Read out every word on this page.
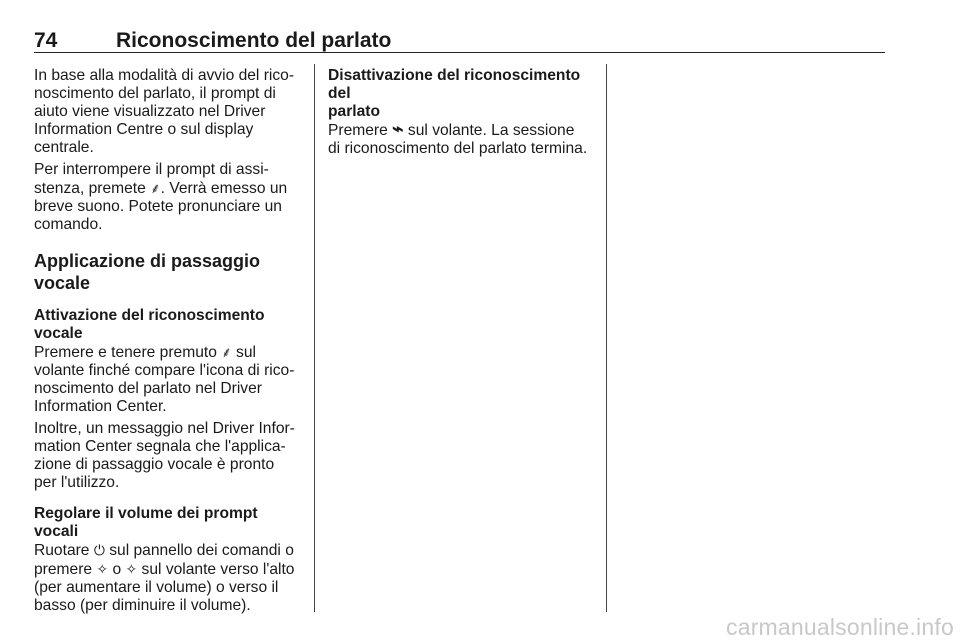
74	Riconoscimento del parlato

In base alla modalità di avvio del rico-
noscimento del parlato, il prompt di
aiuto viene visualizzato nel Driver
Information Centre o sul display
centrale.

Per interrompere il prompt di assi-
stenza, premete ⸙. Verrà emesso un
breve suono. Potete pronunciare un
comando.

Applicazione di passaggio vocale
Attivazione del riconoscimento
vocale

Premere e tenere premuto ⸙ sul
volante finché compare l'icona di rico-
noscimento del parlato nel Driver
Information Center.

Inoltre, un messaggio nel Driver Infor-
mation Center segnala che l'applica-
zione di passaggio vocale è pronto
per l'utilizzo.

Regolare il volume dei prompt vocali

Ruotare ⏻ sul pannello dei comandi o
premere ✧ o ✧ sul volante verso l'alto
(per aumentare il volume) o verso il
basso (per diminuire il volume).

Disattivazione del riconoscimento del
parlato

Premere ⌁ sul volante. La sessione
di riconoscimento del parlato termina.

carmanualsonline.info
